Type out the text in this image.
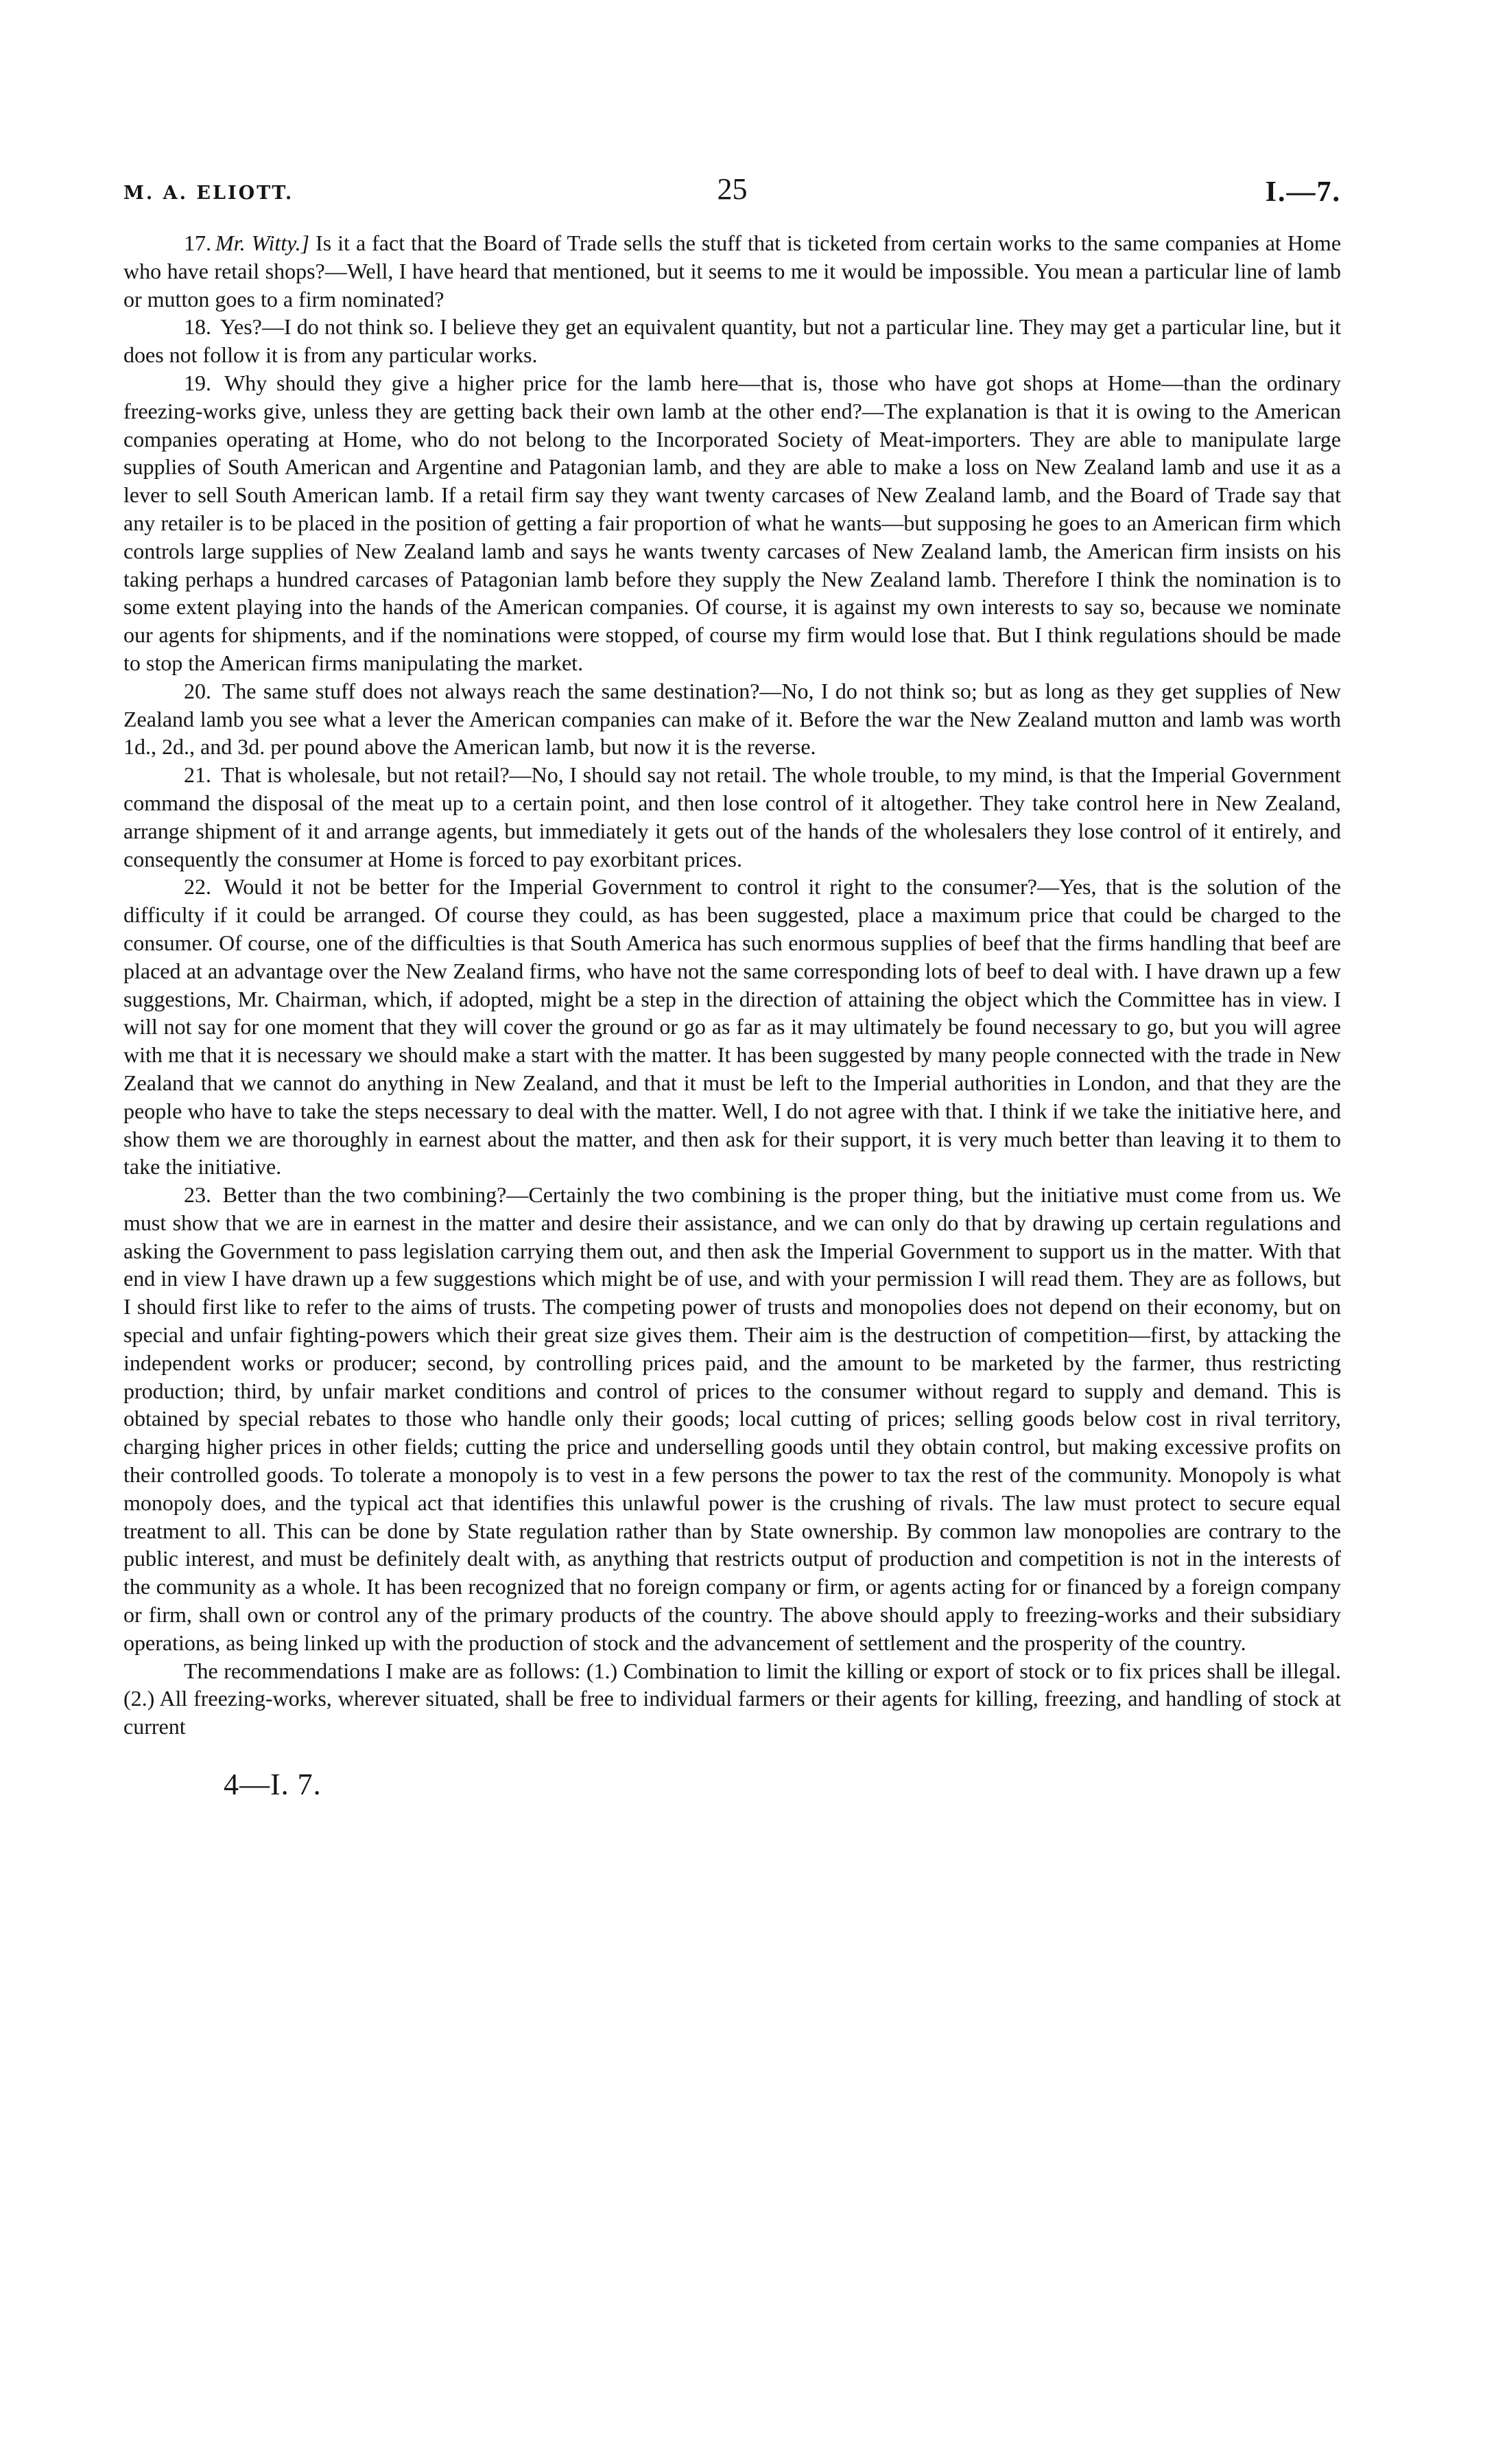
M. A. ELIOTT.	25	I.—7.

17. Mr. Witty.] Is it a fact that the Board of Trade sells the stuff that is ticketed from certain works to the same companies at Home who have retail shops?—Well, I have heard that mentioned, but it seems to me it would be impossible. You mean a particular line of lamb or mutton goes to a firm nominated?

18. Yes?—I do not think so. I believe they get an equivalent quantity, but not a particular line. They may get a particular line, but it does not follow it is from any particular works.

19. Why should they give a higher price for the lamb here—that is, those who have got shops at Home—than the ordinary freezing-works give, unless they are getting back their own lamb at the other end?—The explanation is that it is owing to the American companies operating at Home, who do not belong to the Incorporated Society of Meat-importers. They are able to manipulate large supplies of South American and Argentine and Patagonian lamb, and they are able to make a loss on New Zealand lamb and use it as a lever to sell South American lamb. If a retail firm say they want twenty carcases of New Zealand lamb, and the Board of Trade say that any retailer is to be placed in the position of getting a fair proportion of what he wants—but supposing he goes to an American firm which controls large supplies of New Zealand lamb and says he wants twenty carcases of New Zealand lamb, the American firm insists on his taking perhaps a hundred carcases of Patagonian lamb before they supply the New Zealand lamb. Therefore I think the nomination is to some extent playing into the hands of the American companies. Of course, it is against my own interests to say so, because we nominate our agents for shipments, and if the nominations were stopped, of course my firm would lose that. But I think regulations should be made to stop the American firms manipulating the market.

20. The same stuff does not always reach the same destination?—No, I do not think so; but as long as they get supplies of New Zealand lamb you see what a lever the American companies can make of it. Before the war the New Zealand mutton and lamb was worth 1d., 2d., and 3d. per pound above the American lamb, but now it is the reverse.

21. That is wholesale, but not retail?—No, I should say not retail. The whole trouble, to my mind, is that the Imperial Government command the disposal of the meat up to a certain point, and then lose control of it altogether. They take control here in New Zealand, arrange shipment of it and arrange agents, but immediately it gets out of the hands of the wholesalers they lose control of it entirely, and consequently the consumer at Home is forced to pay exorbitant prices.

22. Would it not be better for the Imperial Government to control it right to the consumer?—Yes, that is the solution of the difficulty if it could be arranged. Of course they could, as has been suggested, place a maximum price that could be charged to the consumer. Of course, one of the difficulties is that South America has such enormous supplies of beef that the firms handling that beef are placed at an advantage over the New Zealand firms, who have not the same corresponding lots of beef to deal with. I have drawn up a few suggestions, Mr. Chairman, which, if adopted, might be a step in the direction of attaining the object which the Committee has in view. I will not say for one moment that they will cover the ground or go as far as it may ultimately be found necessary to go, but you will agree with me that it is necessary we should make a start with the matter. It has been suggested by many people connected with the trade in New Zealand that we cannot do anything in New Zealand, and that it must be left to the Imperial authorities in London, and that they are the people who have to take the steps necessary to deal with the matter. Well, I do not agree with that. I think if we take the initiative here, and show them we are thoroughly in earnest about the matter, and then ask for their support, it is very much better than leaving it to them to take the initiative.

23. Better than the two combining?—Certainly the two combining is the proper thing, but the initiative must come from us. We must show that we are in earnest in the matter and desire their assistance, and we can only do that by drawing up certain regulations and asking the Government to pass legislation carrying them out, and then ask the Imperial Government to support us in the matter. With that end in view I have drawn up a few suggestions which might be of use, and with your permission I will read them. They are as follows, but I should first like to refer to the aims of trusts. The competing power of trusts and monopolies does not depend on their economy, but on special and unfair fighting-powers which their great size gives them. Their aim is the destruction of competition—first, by attacking the independent works or producer; second, by controlling prices paid, and the amount to be marketed by the farmer, thus restricting production; third, by unfair market conditions and control of prices to the consumer without regard to supply and demand. This is obtained by special rebates to those who handle only their goods; local cutting of prices; selling goods below cost in rival territory, charging higher prices in other fields; cutting the price and underselling goods until they obtain control, but making excessive profits on their controlled goods. To tolerate a monopoly is to vest in a few persons the power to tax the rest of the community. Monopoly is what monopoly does, and the typical act that identifies this unlawful power is the crushing of rivals. The law must protect to secure equal treatment to all. This can be done by State regulation rather than by State ownership. By common law monopolies are contrary to the public interest, and must be definitely dealt with, as anything that restricts output of production and competition is not in the interests of the community as a whole. It has been recognized that no foreign company or firm, or agents acting for or financed by a foreign company or firm, shall own or control any of the primary products of the country. The above should apply to freezing-works and their subsidiary operations, as being linked up with the production of stock and the advancement of settlement and the prosperity of the country.

The recommendations I make are as follows: (1.) Combination to limit the killing or export of stock or to fix prices shall be illegal. (2.) All freezing-works, wherever situated, shall be free to individual farmers or their agents for killing, freezing, and handling of stock at current

4—I. 7.
